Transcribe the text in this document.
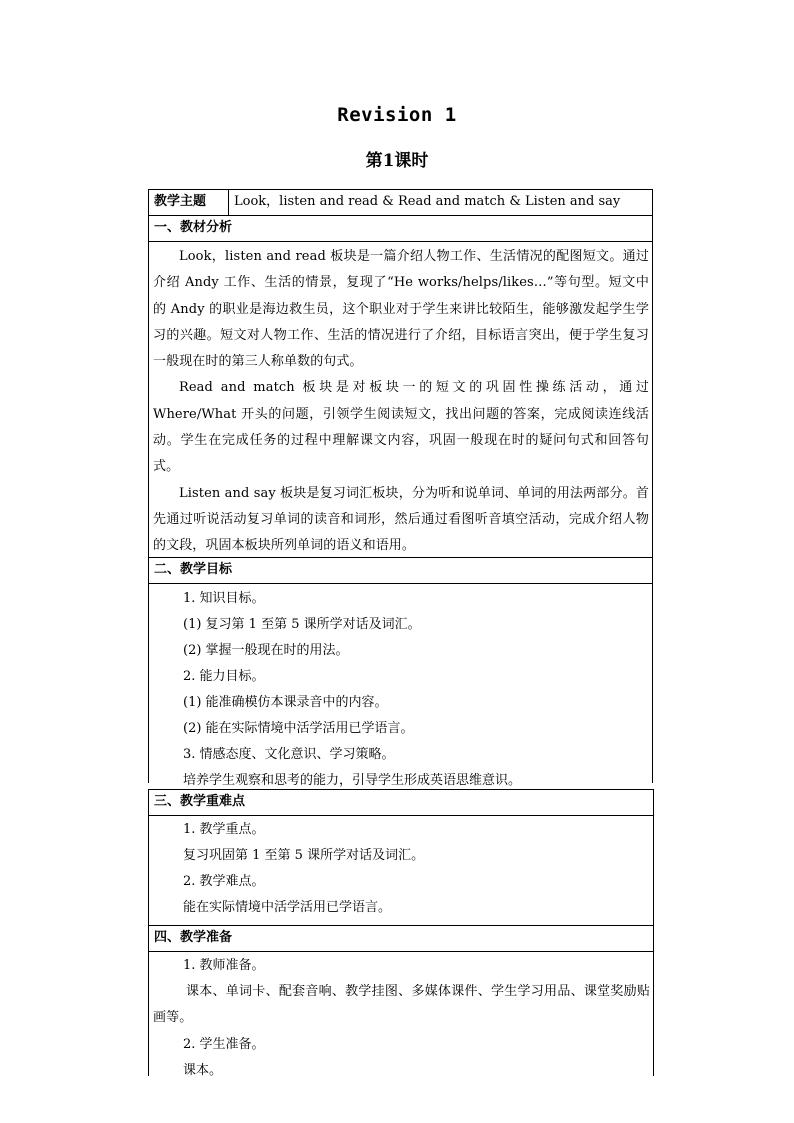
Revision 1
第1课时
教学主题	Look，listen and read & Read and match & Listen and say
一、教材分析

Look，listen and read 板块是一篇介绍人物工作、生活情况的配图短文。通过介绍 Andy 工作、生活的情景，复现了“He works/helps/likes…”等句型。短文中的 Andy 的职业是海边救生员，这个职业对于学生来讲比较陌生，能够激发起学生学习的兴趣。短文对人物工作、生活的情况进行了介绍，目标语言突出，便于学生复习一般现在时的第三人称单数的句式。

Read and match 板块是对板块一的短文的巩固性操练活动，通过 Where/What 开头的问题，引领学生阅读短文，找出问题的答案，完成阅读连线活动。学生在完成任务的过程中理解课文内容，巩固一般现在时的疑问句式和回答句式。

Listen and say 板块是复习词汇板块，分为听和说单词、单词的用法两部分。首先通过听说活动复习单词的读音和词形，然后通过看图听音填空活动，完成介绍人物的文段，巩固本板块所列单词的语义和语用。

二、教学目标
1. 知识目标。
(1) 复习第 1 至第 5 课所学对话及词汇。
(2) 掌握一般现在时的用法。
2. 能力目标。
(1) 能准确模仿本课录音中的内容。
(2) 能在实际情境中活学活用已学语言。
3. 情感态度、文化意识、学习策略。
培养学生观察和思考的能力，引导学生形成英语思维意识。
三、教学重难点
1. 教学重点。
复习巩固第 1 至第 5 课所学对话及词汇。
2. 教学难点。
能在实际情境中活学活用已学语言。
四、教学准备
1. 教师准备。

课本、单词卡、配套音响、教学挂图、多媒体课件、学生学习用品、课堂奖励贴画等。

2. 学生准备。
课本。
